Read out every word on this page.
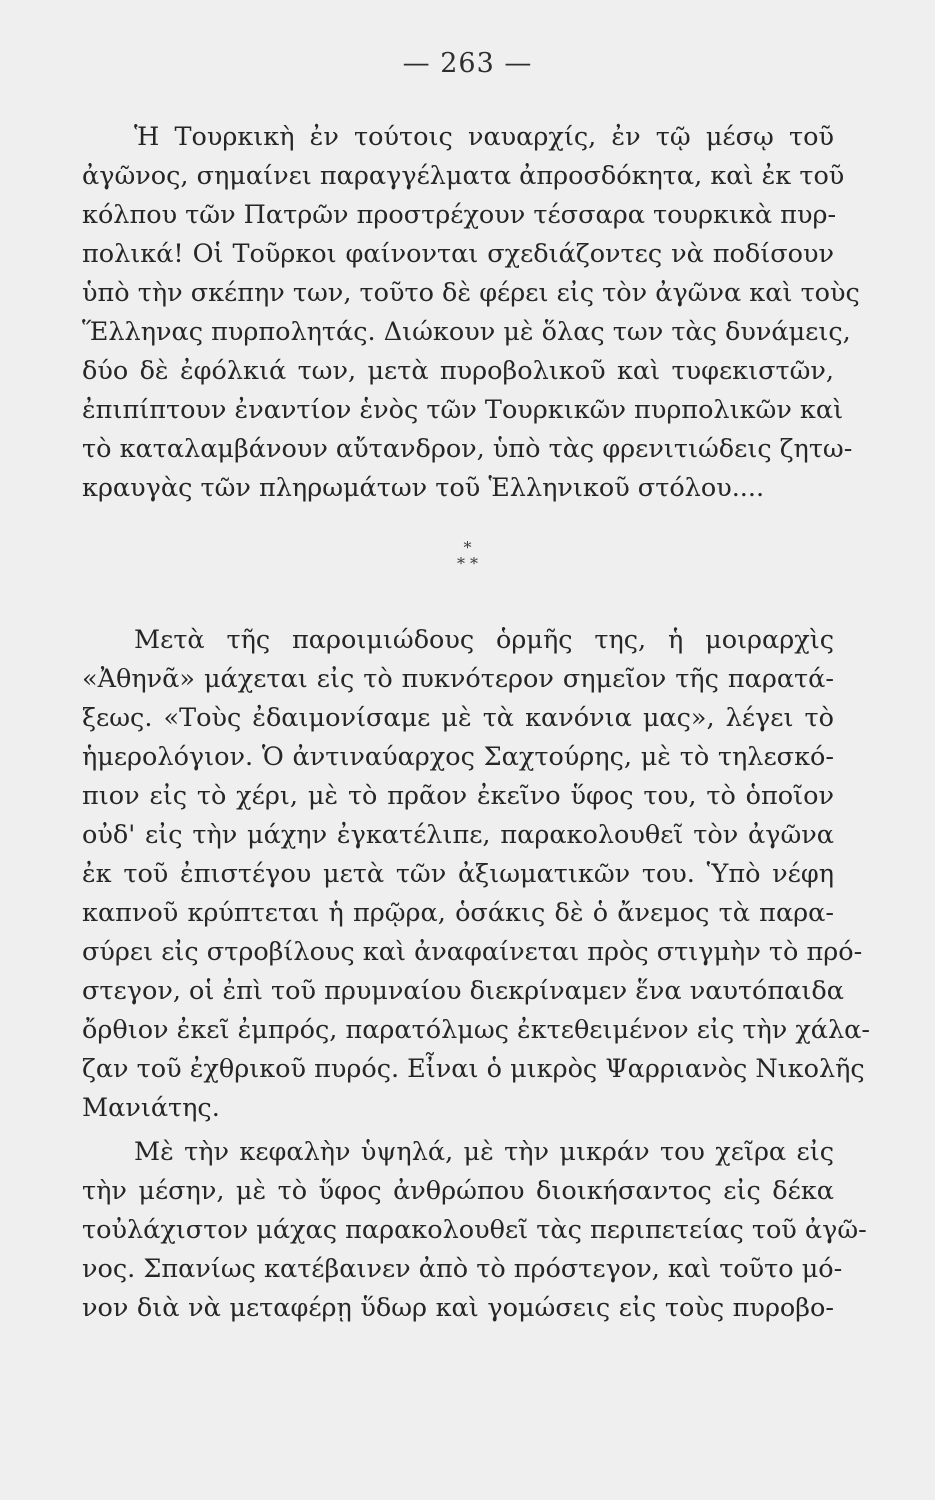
— 263 —
Ἡ Τουρκικὴ ἐν τούτοις ναυαρχίς, ἐν τῷ μέσῳ τοῦ
ἀγῶνος, σημαίνει παραγγέλματα ἀπροσδόκητα, καὶ ἐκ τοῦ
κόλπου τῶν Πατρῶν προστρέχουν τέσσαρα τουρκικὰ πυρ-
πολικά! Οἱ Τοῦρκοι φαίνονται σχεδιάζοντες νὰ ποδίσουν
ὑπὸ τὴν σκέπην των, τοῦτο δὲ φέρει εἰς τὸν ἀγῶνα καὶ τοὺς
Ἕλληνας πυρπολητάς. Διώκουν μὲ ὅλας των τὰς δυνάμεις,
δύο δὲ ἐφόλκιά των, μετὰ πυροβολικοῦ καὶ τυφεκιστῶν,
ἐπιπίπτουν ἐναντίον ἑνὸς τῶν Τουρκικῶν πυρπολικῶν καὶ
τὸ καταλαμβάνουν αὔτανδρον, ὑπὸ τὰς φρενιτιώδεις ζητω-
κραυγὰς τῶν πληρωμάτων τοῦ Ἑλληνικοῦ στόλου....
*
* *
Μετὰ τῆς παροιμιώδους ὁρμῆς της, ἡ μοιραρχὶς
«Ἀθηνᾶ» μάχεται εἰς τὸ πυκνότερον σημεῖον τῆς παρατά-
ξεως. «Τοὺς ἐδαιμονίσαμε μὲ τὰ κανόνια μας», λέγει τὸ
ἡμερολόγιον. Ὁ ἀντιναύαρχος Σαχτούρης, μὲ τὸ τηλεσκό-
πιον εἰς τὸ χέρι, μὲ τὸ πρᾶον ἐκεῖνο ὕφος του, τὸ ὁποῖον
οὐδ' εἰς τὴν μάχην ἐγκατέλιπε, παρακολουθεῖ τὸν ἀγῶνα
ἐκ τοῦ ἐπιστέγου μετὰ τῶν ἀξιωματικῶν του. Ὑπὸ νέφη
καπνοῦ κρύπτεται ἡ πρῷρα, ὁσάκις δὲ ὁ ἄνεμος τὰ παρα-
σύρει εἰς στροβίλους καὶ ἀναφαίνεται πρὸς στιγμὴν τὸ πρό-
στεγον, οἱ ἐπὶ τοῦ πρυμναίου διεκρίναμεν ἕνα ναυτόπαιδα
ὄρθιον ἐκεῖ ἐμπρός, παρατόλμως ἐκτεθειμένον εἰς τὴν χάλα-
ζαν τοῦ ἐχθρικοῦ πυρός. Εἶναι ὁ μικρὸς Ψαρριανὸς Νικολῆς
Μανιάτης.
Μὲ τὴν κεφαλὴν ὑψηλά, μὲ τὴν μικράν του χεῖρα εἰς
τὴν μέσην, μὲ τὸ ὕφος ἀνθρώπου διοικήσαντος εἰς δέκα
τοὐλάχιστον μάχας παρακολουθεῖ τὰς περιπετείας τοῦ ἀγῶ-
νος. Σπανίως κατέβαινεν ἀπὸ τὸ πρόστεγον, καὶ τοῦτο μό-
νον διὰ νὰ μεταφέρῃ ὕδωρ καὶ γομώσεις εἰς τοὺς πυροβο-
